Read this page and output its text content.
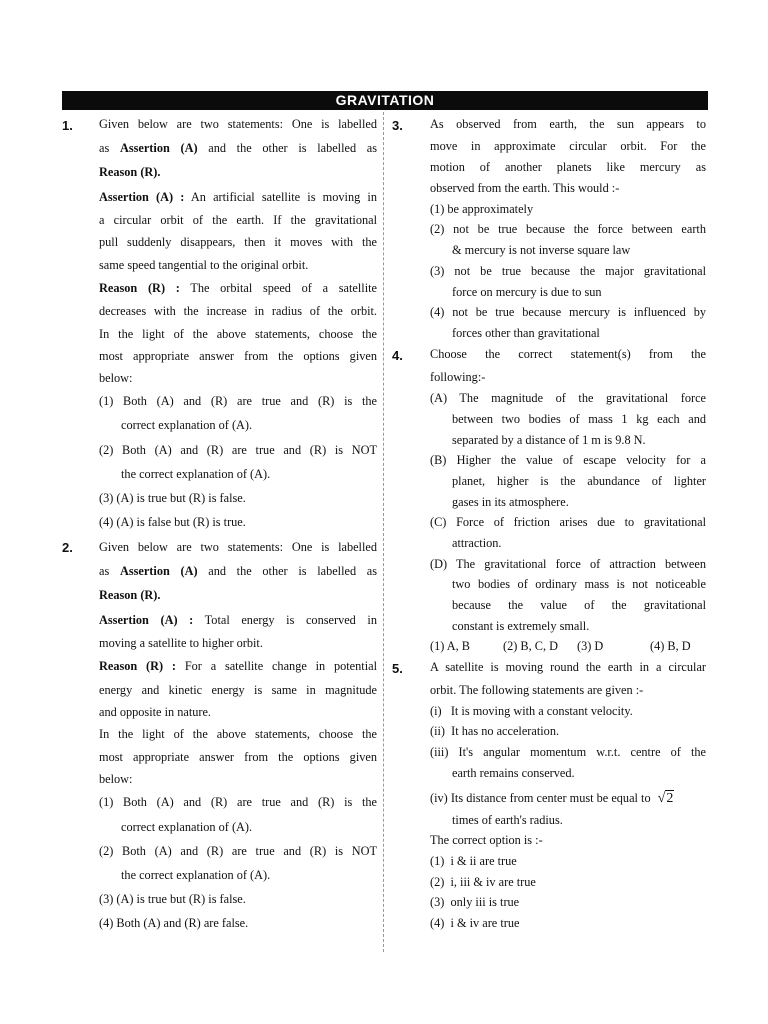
GRAVITATION
1. Given below are two statements: One is labelled
as Assertion (A) and the other is labelled as
Reason (R).
Assertion (A) : An artificial satellite is moving in
a circular orbit of the earth. If the gravitational
pull suddenly disappears, then it moves with the
same speed tangential to the original orbit.
Reason (R) : The orbital speed of a satellite
decreases with the increase in radius of the orbit.
In the light of the above statements, choose the
most appropriate answer from the options given
below:
(1) Both (A) and (R) are true and (R) is the
correct explanation of (A).
(2) Both (A) and (R) are true and (R) is NOT
the correct explanation of (A).
(3) (A) is true but (R) is false.
(4) (A) is false but (R) is true.
2. Given below are two statements: One is labelled
as Assertion (A) and the other is labelled as
Reason (R).
Assertion (A) : Total energy is conserved in
moving a satellite to higher orbit.
Reason (R) : For a satellite change in potential
energy and kinetic energy is same in magnitude
and opposite in nature.
In the light of the above statements, choose the
most appropriate answer from the options given
below:
(1) Both (A) and (R) are true and (R) is the
correct explanation of (A).
(2) Both (A) and (R) are true and (R) is NOT
the correct explanation of (A).
(3) (A) is true but (R) is false.
(4) Both (A) and (R) are false.
3. As observed from earth, the sun appears to
move in approximate circular orbit. For the
motion of another planets like mercury as
observed from the earth. This would :-
(1) be approximately
(2) not be true because the force between earth
& mercury is not inverse square law
(3) not be true because the major gravitational
force on mercury is due to sun
(4) not be true because mercury is influenced by
forces other than gravitational
4. Choose the correct statement(s) from the
following:-
(A) The magnitude of the gravitational force
between two bodies of mass 1 kg each and
separated by a distance of 1 m is 9.8 N.
(B) Higher the value of escape velocity for a
planet, higher is the abundance of lighter
gases in its atmosphere.
(C) Force of friction arises due to gravitational
attraction.
(D) The gravitational force of attraction between
two bodies of ordinary mass is not noticeable
because the value of the gravitational
constant is extremely small.
(1) A, B	(2) B, C, D (3) D	(4) B, D
5. A satellite is moving round the earth in a circular
orbit. The following statements are given :-
(i)   It is moving with a constant velocity.
(ii)  It has no acceleration.
(iii) It's angular momentum w.r.t. centre of the
earth remains conserved.
(iv) Its distance from center must be equal to √2
times of earth's radius.
The correct option is :-
(1)  i & ii are true
(2)  i, iii & iv are true
(3)  only iii is true
(4)  i & iv are true
